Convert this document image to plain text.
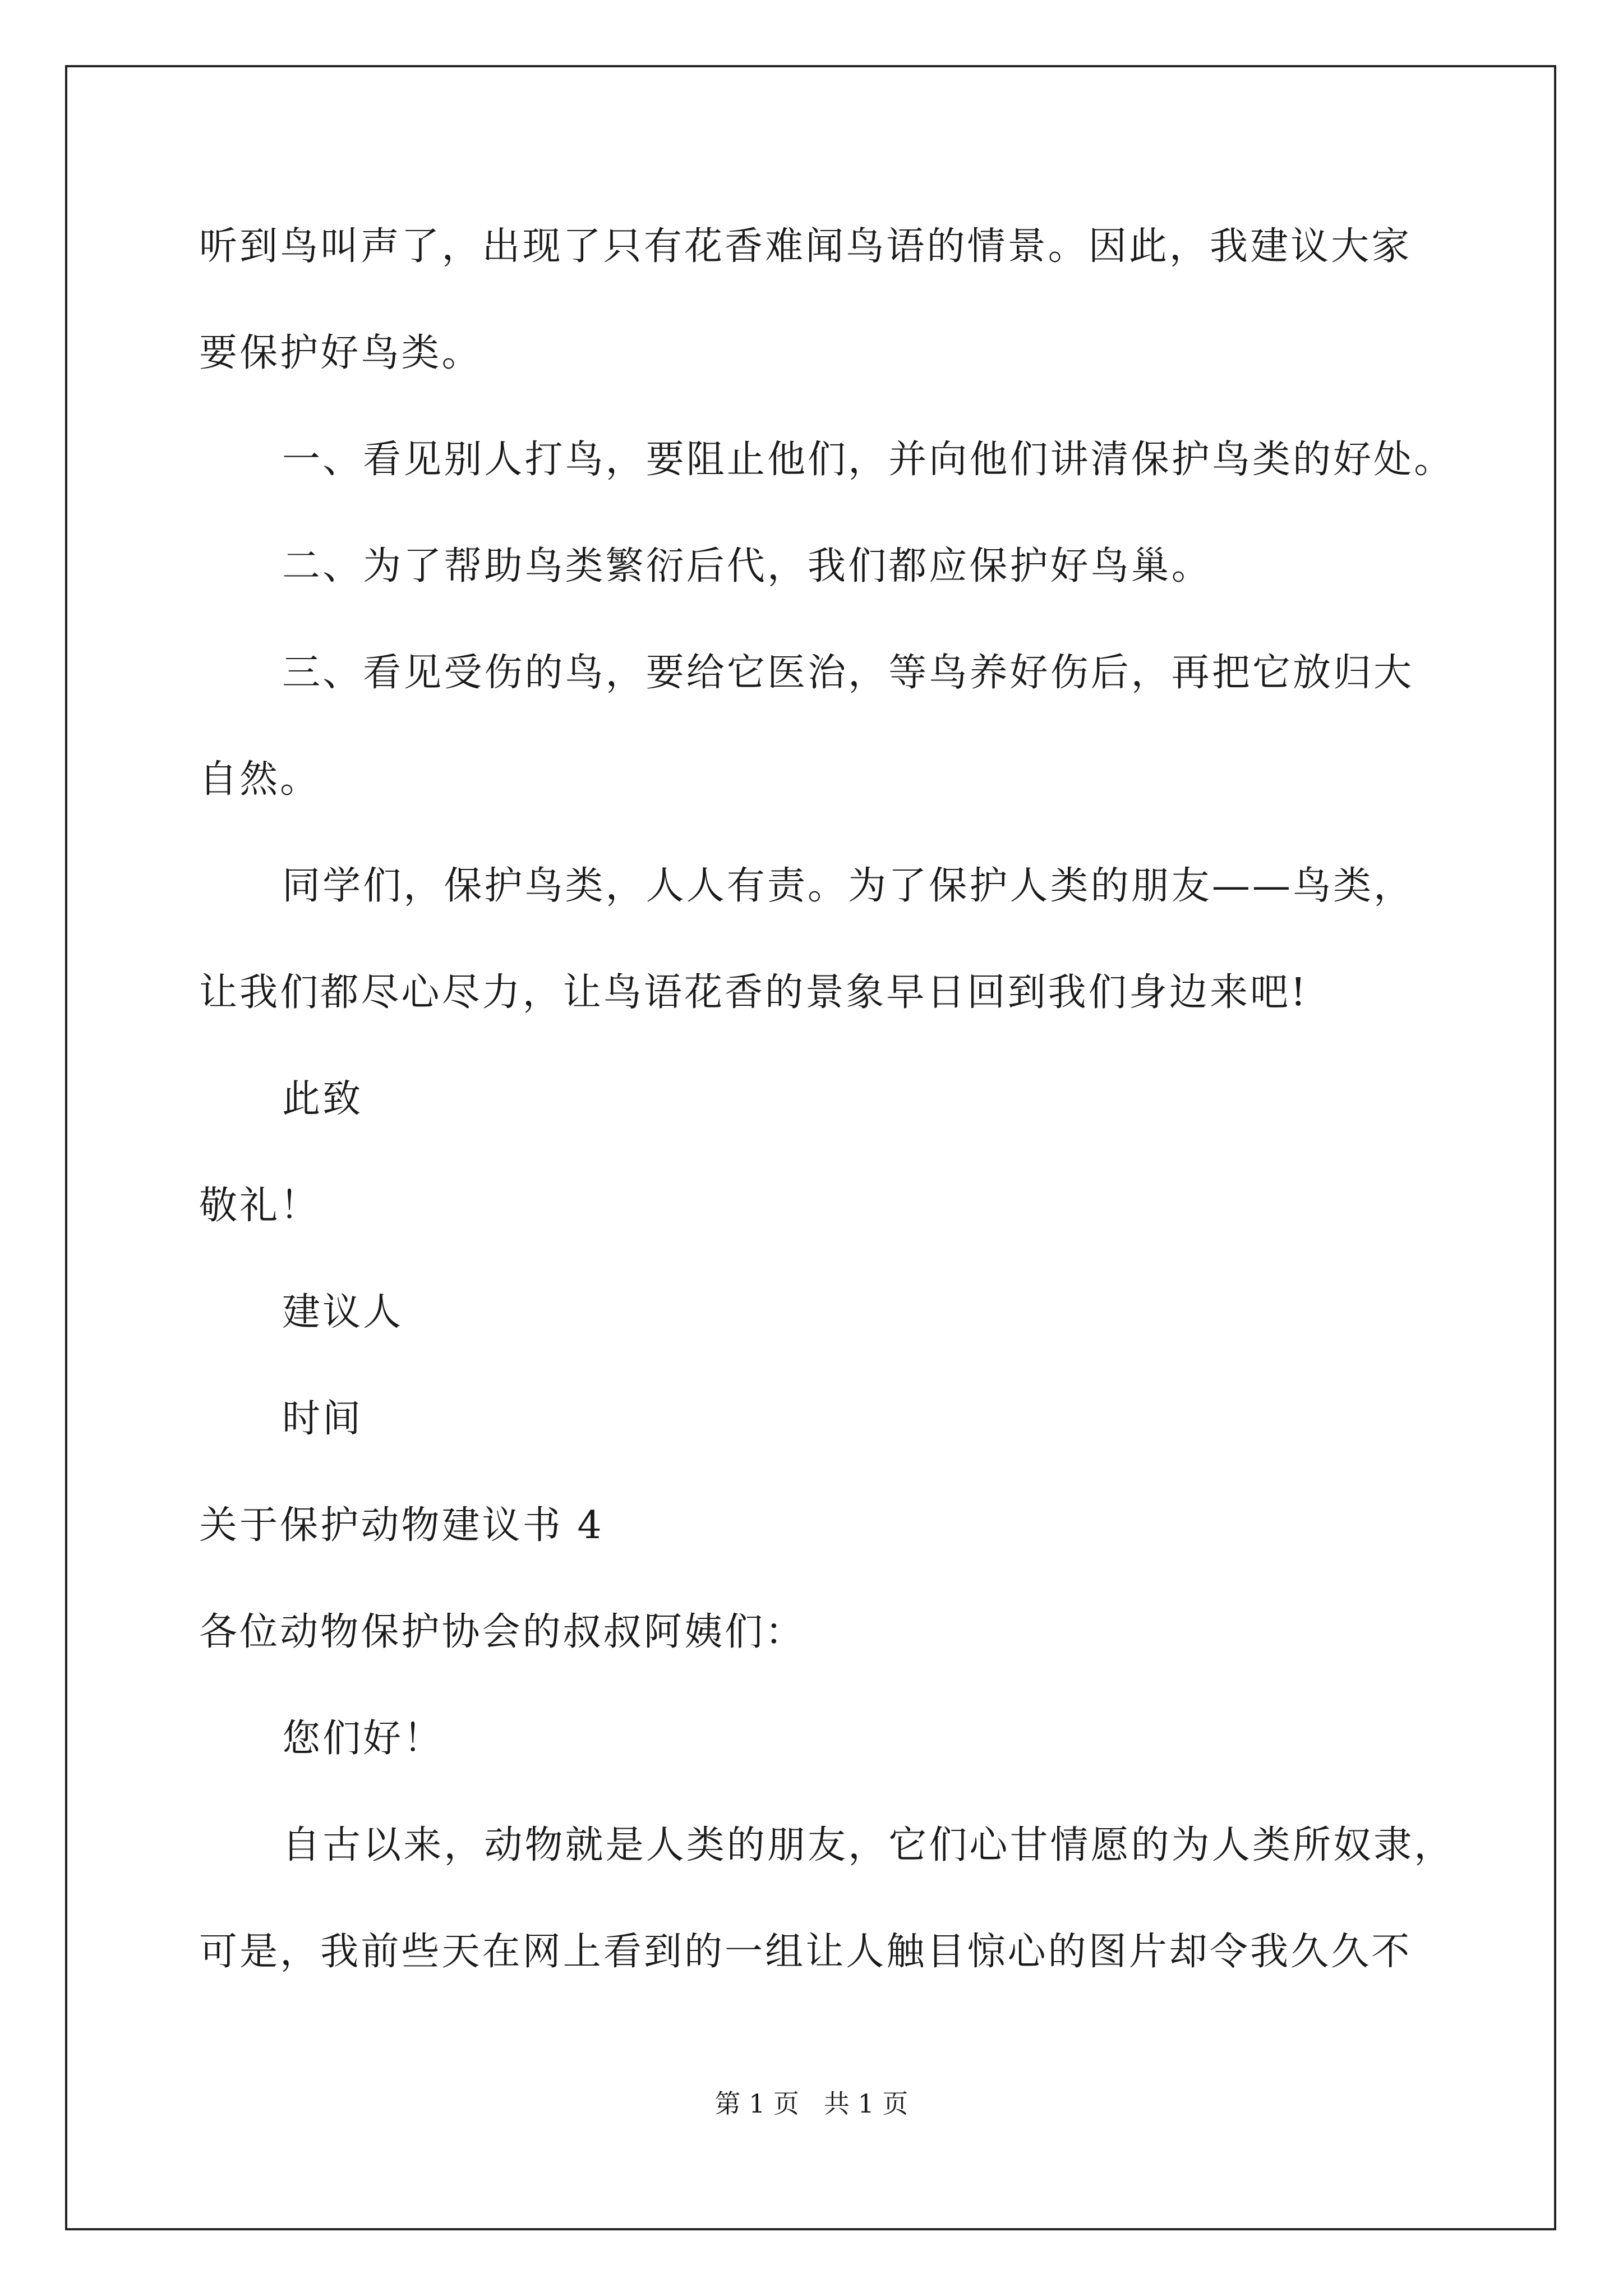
听到鸟叫声了，出现了只有花香难闻鸟语的情景。因此，我建议大家
要保护好鸟类。
一、看见别人打鸟，要阻止他们，并向他们讲清保护鸟类的好处。
二、为了帮助鸟类繁衍后代，我们都应保护好鸟巢。
三、看见受伤的鸟，要给它医治，等鸟养好伤后，再把它放归大
自然。
同学们，保护鸟类，人人有责。为了保护人类的朋友——鸟类，
让我们都尽心尽力，让鸟语花香的景象早日回到我们身边来吧!
此致
敬礼！
建议人
时间
关于保护动物建议书 4
各位动物保护协会的叔叔阿姨们：
您们好！
自古以来，动物就是人类的朋友，它们心甘情愿的为人类所奴隶，
可是，我前些天在网上看到的一组让人触目惊心的图片却令我久久不
第 1 页   共 1 页
